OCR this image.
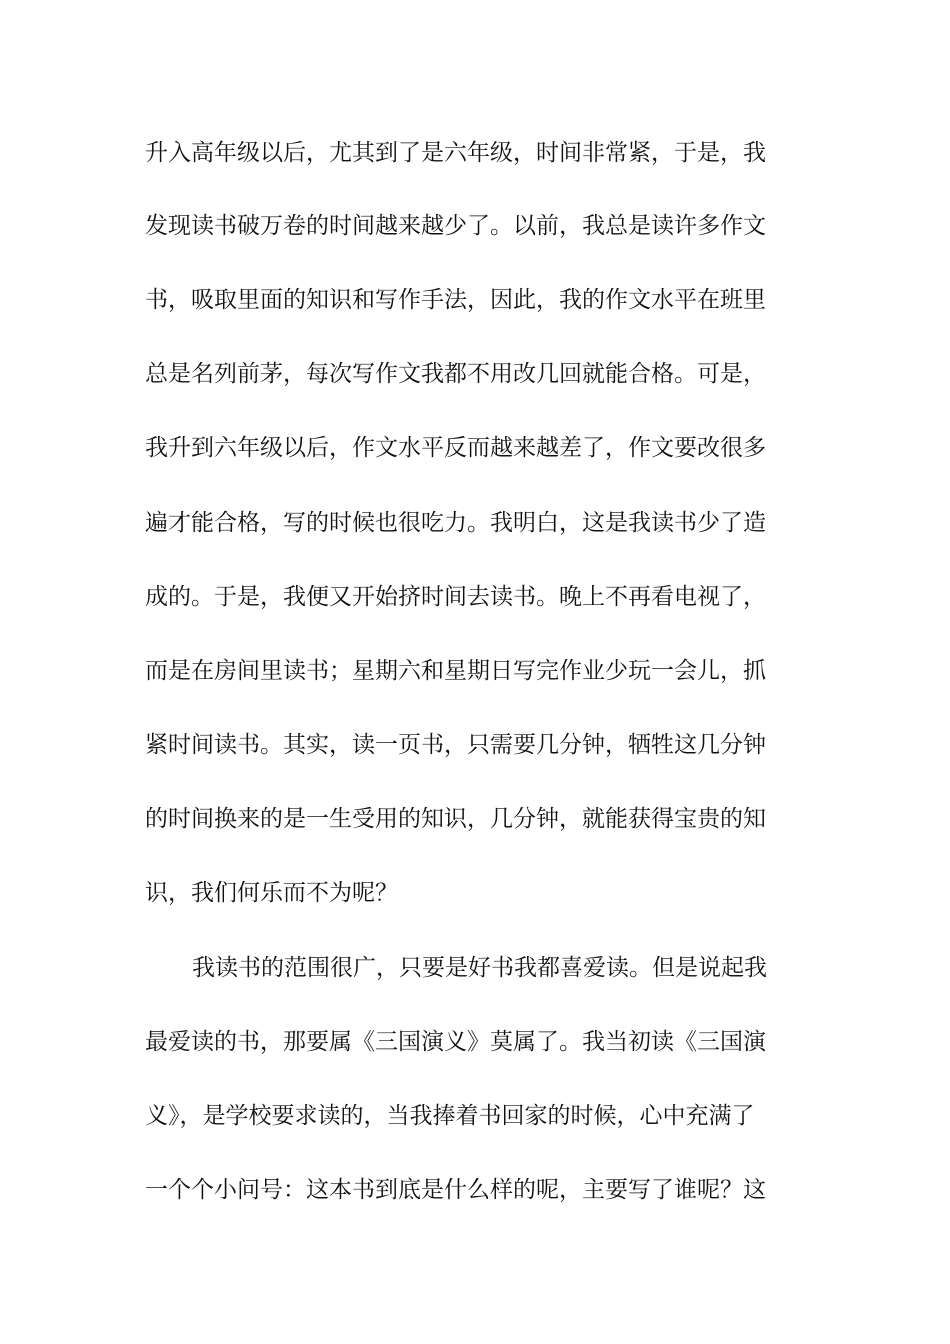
升入高年级以后，尤其到了是六年级，时间非常紧，于是，我
发现读书破万卷的时间越来越少了。以前，我总是读许多作文
书，吸取里面的知识和写作手法，因此，我的作文水平在班里
总是名列前茅，每次写作文我都不用改几回就能合格。可是，
我升到六年级以后，作文水平反而越来越差了，作文要改很多
遍才能合格，写的时候也很吃力。我明白，这是我读书少了造
成的。于是，我便又开始挤时间去读书。晚上不再看电视了，
而是在房间里读书；星期六和星期日写完作业少玩一会儿，抓
紧时间读书。其实，读一页书，只需要几分钟，牺牲这几分钟
的时间换来的是一生受用的知识，几分钟，就能获得宝贵的知
识，我们何乐而不为呢？
我读书的范围很广，只要是好书我都喜爱读。但是说起我
最爱读的书，那要属《三国演义》莫属了。我当初读《三国演
义》，是学校要求读的，当我捧着书回家的时候，心中充满了
一个个小问号：这本书到底是什么样的呢，主要写了谁呢？这
